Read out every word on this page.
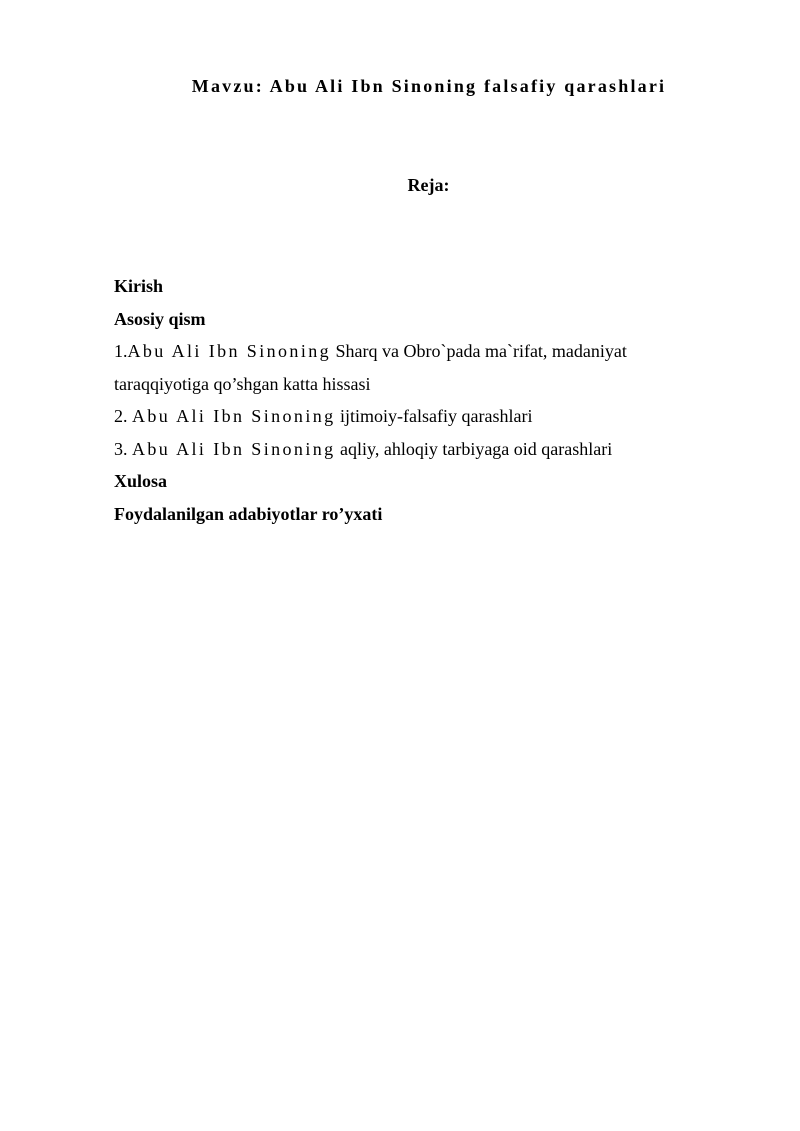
Mavzu: Abu Ali Ibn Sinoning falsafiy qarashlari
Reja:
Kirish
Asosiy qism
1.Abu Ali Ibn Sinoning Sharq va Obro`pada ma`rifat, madaniyat
taraqqiyotiga qo’shgan katta hissasi
2. Abu Ali Ibn Sinoning ijtimoiy-falsafiy qarashlari
3. Abu Ali Ibn Sinoning aqliy, ahloqiy tarbiyaga oid qarashlari
Xulosa
Foydalanilgan adabiyotlar ro’yxati
